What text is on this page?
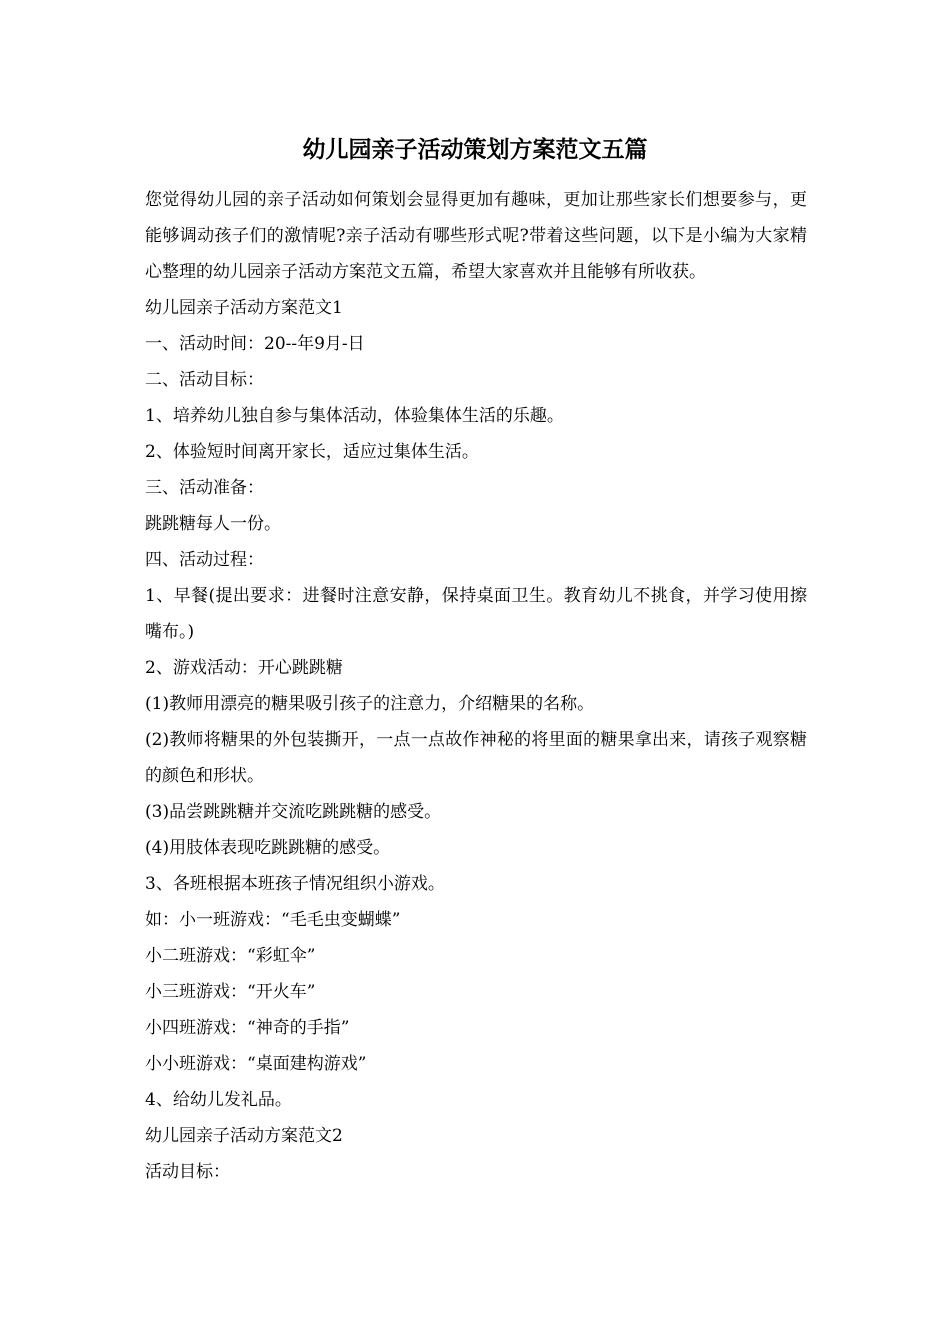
幼儿园亲子活动策划方案范文五篇

您觉得幼儿园的亲子活动如何策划会显得更加有趣味，更加让那些家长们想要参与，更能够调动孩子们的激情呢?亲子活动有哪些形式呢?带着这些问题，以下是小编为大家精心整理的幼儿园亲子活动方案范文五篇，希望大家喜欢并且能够有所收获。

幼儿园亲子活动方案范文1

一、活动时间：20--年9月-日

二、活动目标：

1、培养幼儿独自参与集体活动，体验集体生活的乐趣。

2、体验短时间离开家长，适应过集体生活。

三、活动准备：

跳跳糖每人一份。

四、活动过程：

1、早餐(提出要求：进餐时注意安静，保持桌面卫生。教育幼儿不挑食，并学习使用擦嘴布。)

2、游戏活动：开心跳跳糖

(1)教师用漂亮的糖果吸引孩子的注意力，介绍糖果的名称。

(2)教师将糖果的外包装撕开，一点一点故作神秘的将里面的糖果拿出来，请孩子观察糖的颜色和形状。

(3)品尝跳跳糖并交流吃跳跳糖的感受。

(4)用肢体表现吃跳跳糖的感受。

3、各班根据本班孩子情况组织小游戏。

如：小一班游戏：“毛毛虫变蝴蝶”

小二班游戏：“彩虹伞”

小三班游戏：“开火车”

小四班游戏：“神奇的手指”

小小班游戏：“桌面建构游戏”

4、给幼儿发礼品。

幼儿园亲子活动方案范文2

活动目标：
